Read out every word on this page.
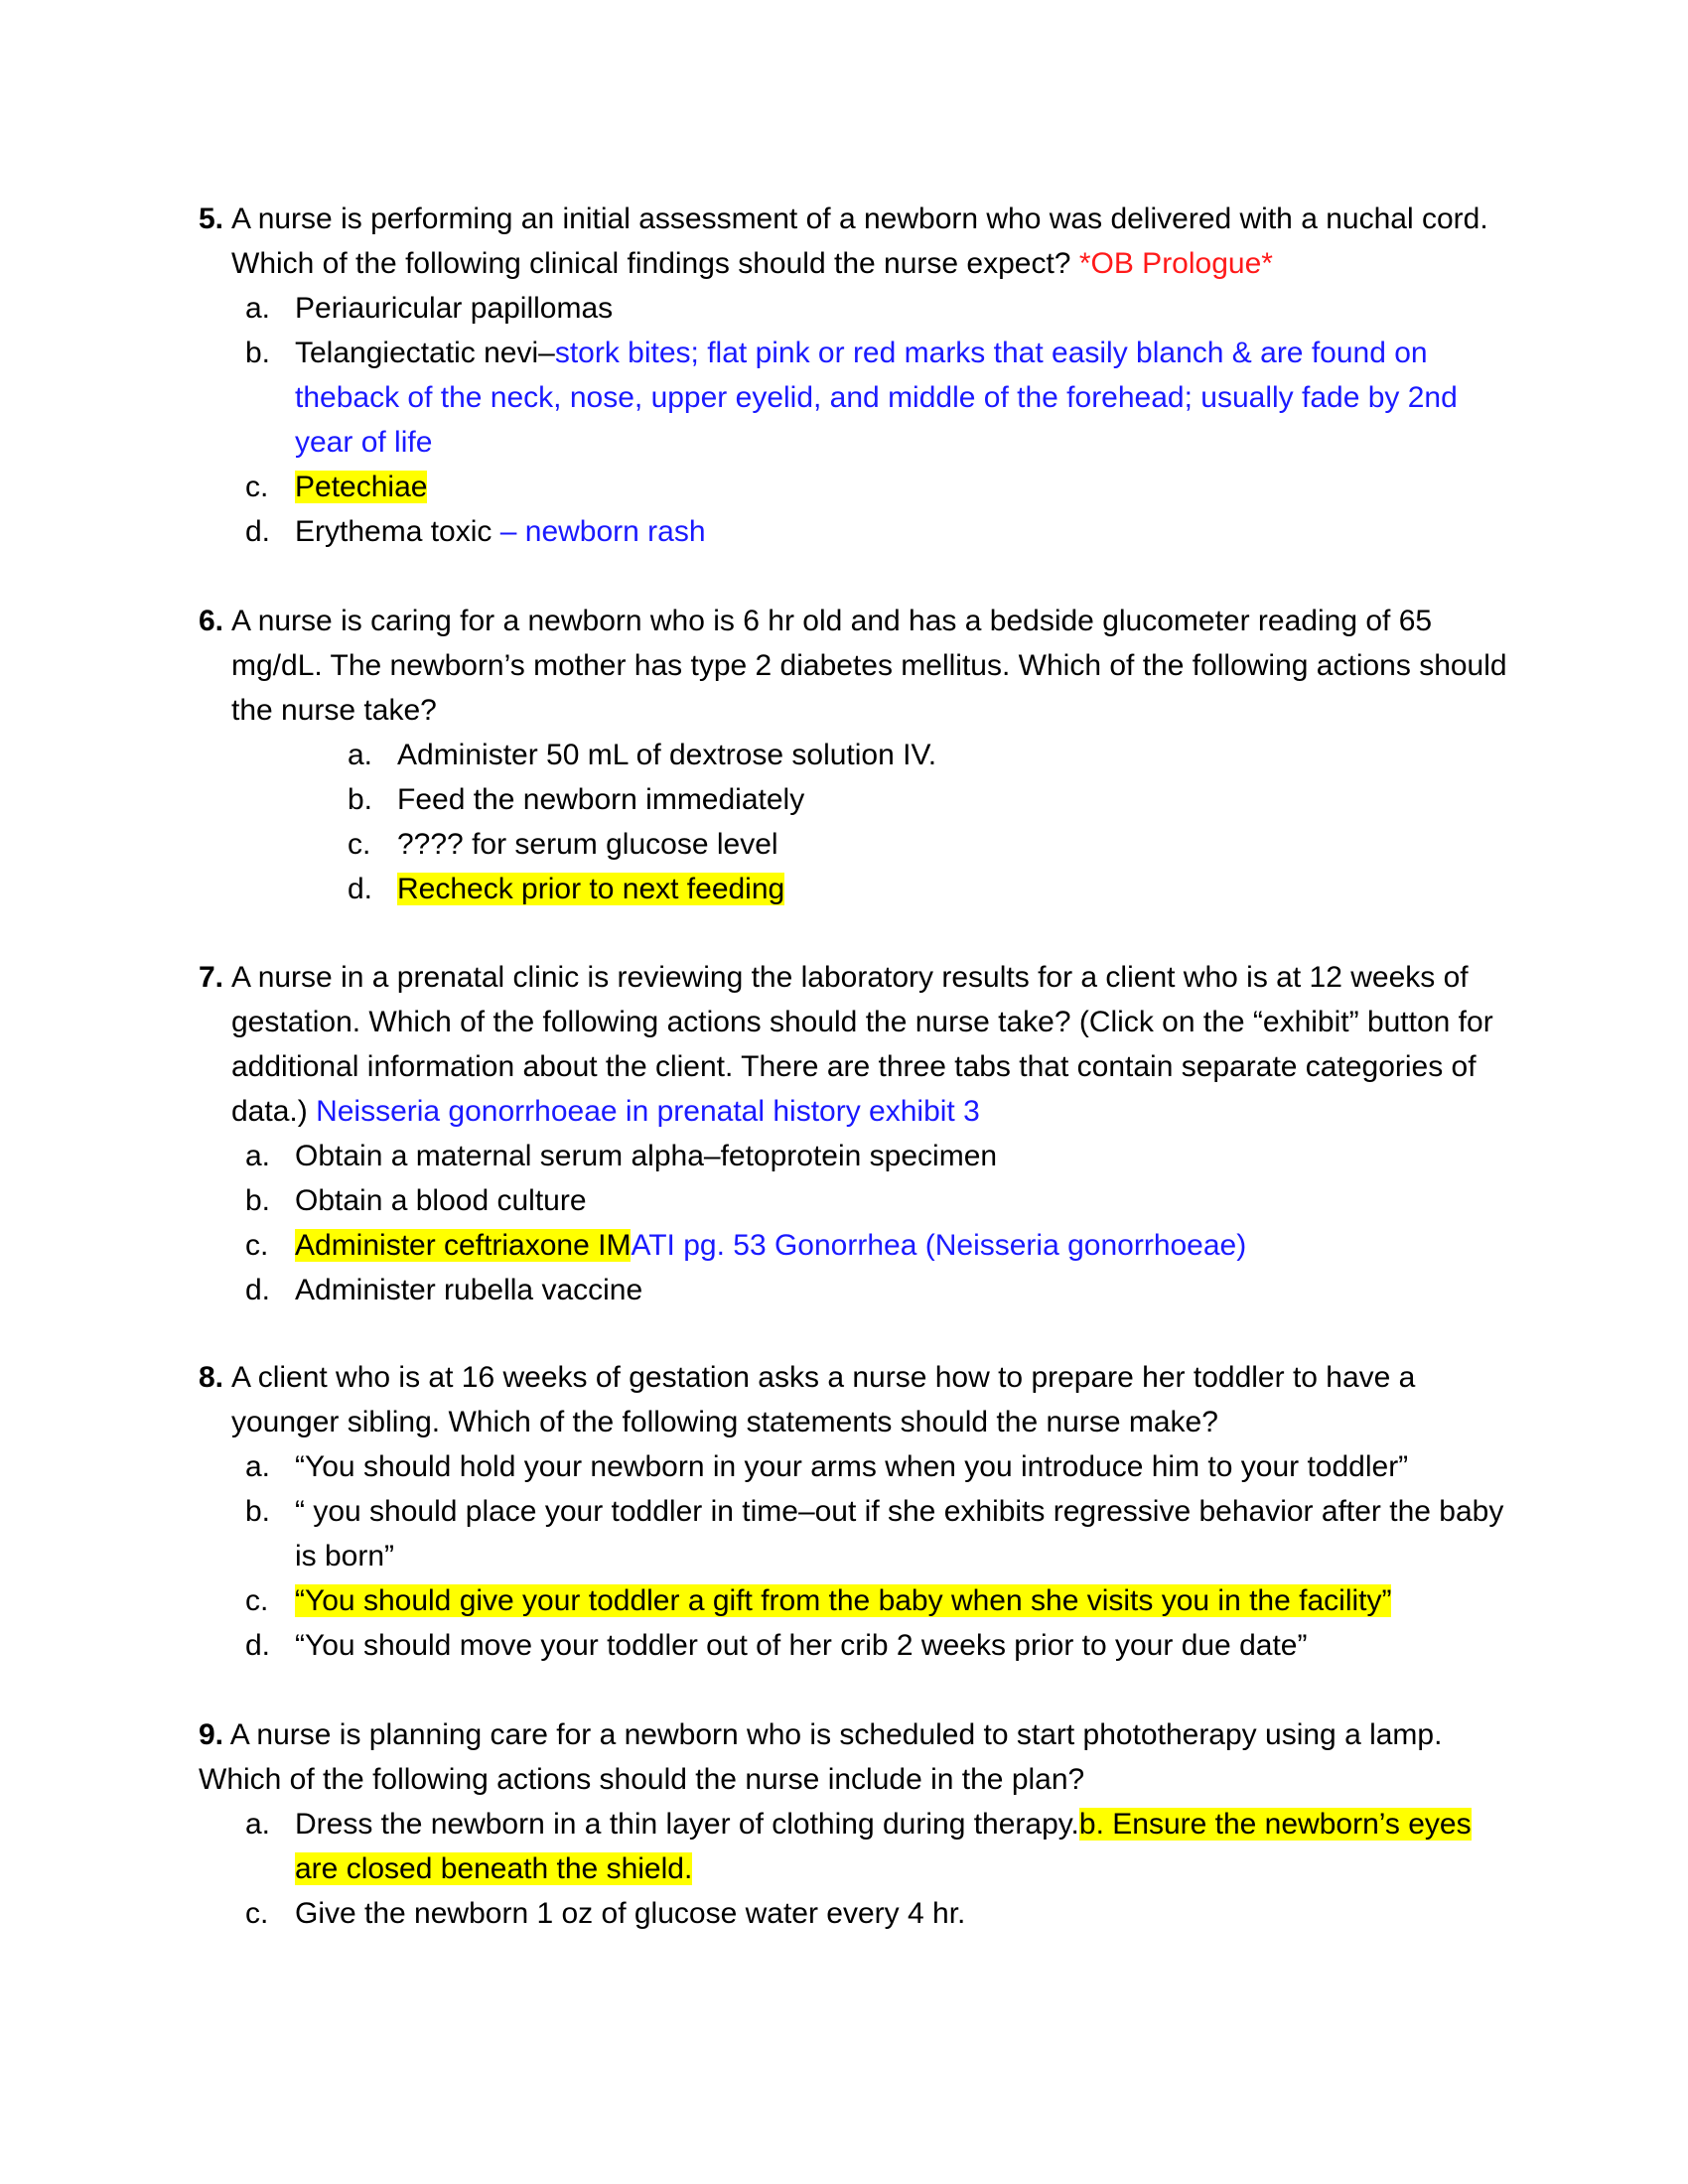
5. A nurse is performing an initial assessment of a newborn who was delivered with a nuchal cord. Which of the following clinical findings should the nurse expect? *OB Prologue*
a. Periauricular papillomas
b. Telangiectatic nevi–stork bites; flat pink or red marks that easily blanch & are found on theback of the neck, nose, upper eyelid, and middle of the forehead; usually fade by 2nd year of life
c. Petechiae
d. Erythema toxic – newborn rash
6. A nurse is caring for a newborn who is 6 hr old and has a bedside glucometer reading of 65 mg/dL. The newborn’s mother has type 2 diabetes mellitus. Which of the following actions should the nurse take?
a. Administer 50 mL of dextrose solution IV.
b. Feed the newborn immediately
c. ???? for serum glucose level
d. Recheck prior to next feeding
7. A nurse in a prenatal clinic is reviewing the laboratory results for a client who is at 12 weeks of gestation. Which of the following actions should the nurse take? (Click on the “exhibit” button for additional information about the client. There are three tabs that contain separate categories of data.) Neisseria gonorrhoeae in prenatal history exhibit 3
a. Obtain a maternal serum alpha–fetoprotein specimen
b. Obtain a blood culture
c. Administer ceftriaxone IMATI pg. 53 Gonorrhea (Neisseria gonorrhoeae)
d. Administer rubella vaccine
8. A client who is at 16 weeks of gestation asks a nurse how to prepare her toddler to have a younger sibling. Which of the following statements should the nurse make?
a. “You should hold your newborn in your arms when you introduce him to your toddler”
b. “ you should place your toddler in time–out if she exhibits regressive behavior after the baby is born”
c. “You should give your toddler a gift from the baby when she visits you in the facility”
d. “You should move your toddler out of her crib 2 weeks prior to your due date”
9. A nurse is planning care for a newborn who is scheduled to start phototherapy using a lamp. Which of the following actions should the nurse include in the plan?
a. Dress the newborn in a thin layer of clothing during therapy.b. Ensure the newborn’s eyes are closed beneath the shield.
c. Give the newborn 1 oz of glucose water every 4 hr.
